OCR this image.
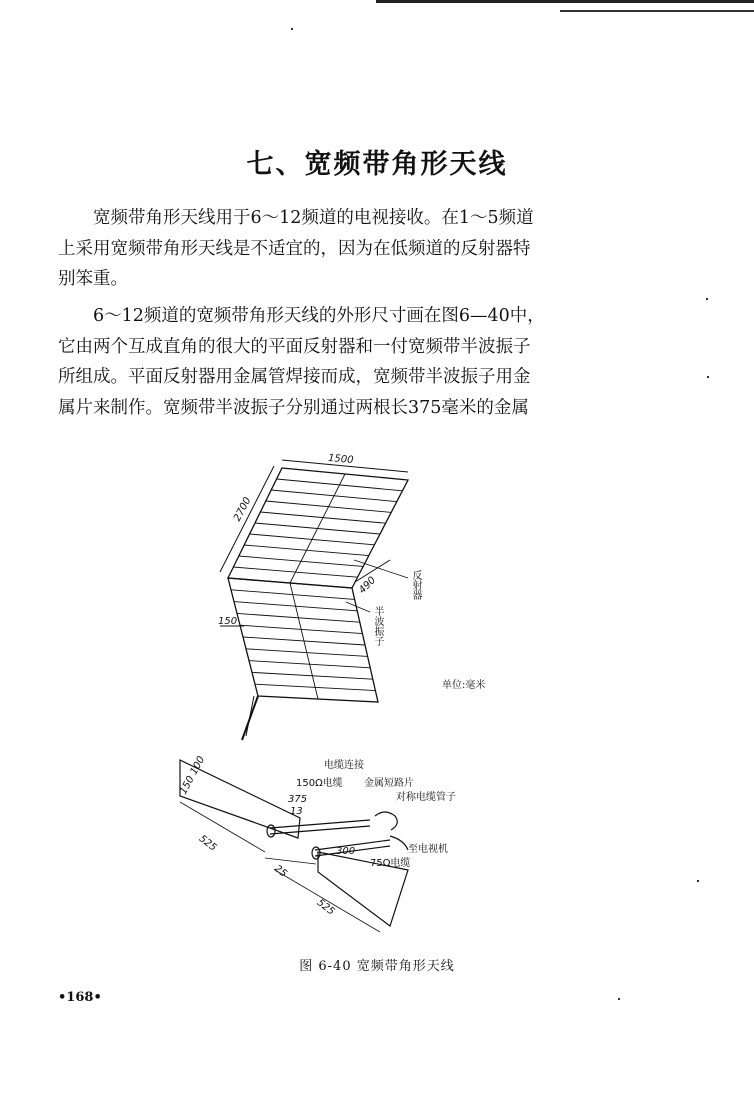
七、宽频带角形天线
宽频带角形天线用于6～12频道的电视接收。在1～5频道
上采用宽频带角形天线是不适宜的，因为在低频道的反射器特
别笨重。
6～12频道的宽频带角形天线的外形尺寸画在图6—40中，
它由两个互成直角的很大的平面反射器和一付宽频带半波振子
所组成。平面反射器用金属管焊接而成，宽频带半波振子用金
属片来制作。宽频带半波振子分别通过两根长375毫米的金属
1500
2700
490
150
反射器
半波振子
单位:毫米
150 100
375
13
525
25
300
525
电缆连接
150Ω电缆 金属短路片
对称电缆管子
至电视机
75Ω电缆
图 6-40 宽频带角形天线
•168•
